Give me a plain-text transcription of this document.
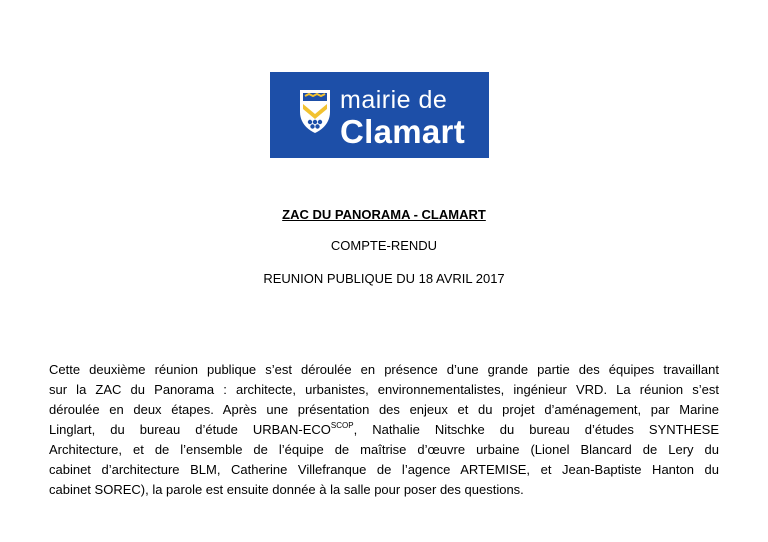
mairie de
Clamart
ZAC DU PANORAMA - CLAMART
COMPTE-RENDU
REUNION PUBLIQUE DU 18 AVRIL 2017
Cette deuxième réunion publique s’est déroulée en présence d’une grande partie des équipes travaillant
sur la ZAC du Panorama : architecte, urbanistes, environnementalistes, ingénieur VRD. La réunion s’est
déroulée en deux étapes. Après une présentation des enjeux et du projet d’aménagement, par Marine
Linglart, du bureau d’étude URBAN-$ECO^{SCOP}$, Nathalie Nitschke du bureau d’études SYNTHESE
Architecture, et de l’ensemble de l’équipe de maîtrise d’œuvre urbaine (Lionel Blancard de Lery du
cabinet d’architecture BLM, Catherine Villefranque de l’agence ARTEMISE, et Jean-Baptiste Hanton du
cabinet SOREC), la parole est ensuite donnée à la salle pour poser des questions.
